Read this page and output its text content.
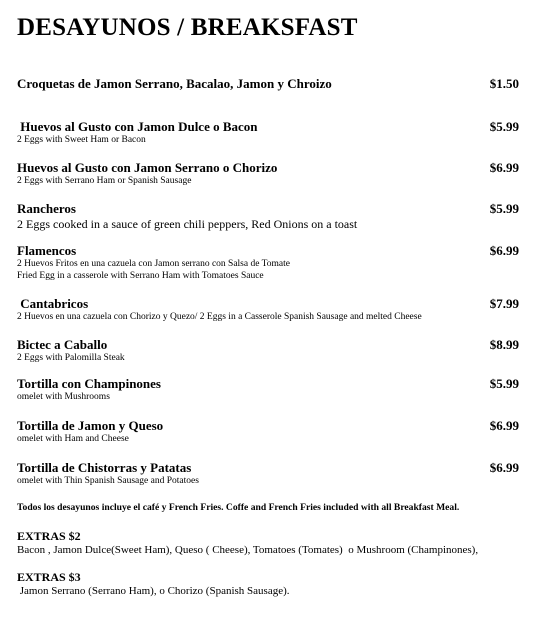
DESAYUNOS / BREAKSFAST
Croquetas de Jamon Serrano, Bacalao, Jamon y Chroizo	$1.50
Huevos al Gusto con Jamon Dulce o Bacon	$5.99
2 Eggs with Sweet Ham or Bacon
Huevos al Gusto con Jamon Serrano o Chorizo	$6.99
2 Eggs with Serrano Ham or Spanish Sausage
Rancheros	$5.99
2 Eggs cooked in a sauce of green chili peppers, Red Onions on a toast
Flamencos	$6.99
2 Huevos Fritos en una cazuela con Jamon serrano con Salsa de Tomate
Fried Egg in a casserole with Serrano Ham with Tomatoes Sauce
Cantabricos	$7.99
2 Huevos en una cazuela con Chorizo y Quezo/ 2 Eggs in a Casserole Spanish Sausage and melted Cheese
Bictec a Caballo	$8.99
2 Eggs with Palomilla Steak
Tortilla con Champinones	$5.99
omelet with Mushrooms
Tortilla de Jamon y Queso	$6.99
omelet with Ham and Cheese
Tortilla de Chistorras y Patatas	$6.99
omelet with Thin Spanish Sausage and Potatoes
Todos los desayunos incluye el café y French Fries. Coffe and French Fries included with all Breakfast Meal.
EXTRAS $2
Bacon , Jamon Dulce(Sweet Ham), Queso ( Cheese), Tomatoes (Tomates)  o Mushroom (Champinones),
EXTRAS $3
Jamon Serrano (Serrano Ham), o Chorizo (Spanish Sausage).
